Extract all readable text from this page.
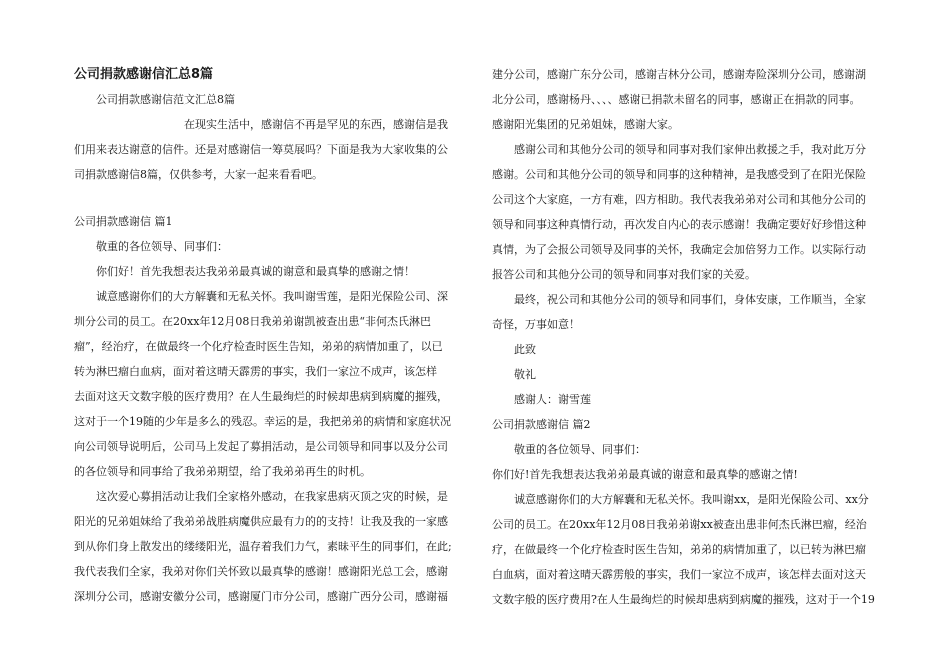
公司捐款感谢信汇总8篇
公司捐款感谢信范文汇总8篇
在现实生活中，感谢信不再是罕见的东西，感谢信是我
们用来表达谢意的信件。还是对感谢信一筹莫展吗？下面是我为大家收集的公
司捐款感谢信8篇，仅供参考，大家一起来看看吧。
公司捐款感谢信 篇1
敬重的各位领导、同事们：
你们好！首先我想表达我弟弟最真诚的谢意和最真挚的感谢之情！
诚意感谢你们的大方解囊和无私关怀。我叫谢雪莲，是阳光保险公司、深
圳分公司的员工。在20xx年12月08日我弟弟谢凯被查出患“非何杰氏淋巴
瘤”，经治疗，在做最终一个化疗检查时医生告知，弟弟的病情加重了，以已
转为淋巴瘤白血病，面对着这晴天霹雳的事实，我们一家泣不成声，该怎样
去面对这天文数字般的医疗费用？在人生最绚烂的时候却患病到病魔的摧残，
这对于一个19随的少年是多么的残忍。幸运的是，我把弟弟的病情和家庭状况
向公司领导说明后，公司马上发起了募捐活动，是公司领导和同事以及分公司
的各位领导和同事给了我弟弟期望，给了我弟弟再生的时机。
这次爱心募捐活动让我们全家格外感动，在我家患病灭顶之灾的时候，是
阳光的兄弟姐妹给了我弟弟战胜病魔供应最有力的的支持！让我及我的一家感
到从你们身上散发出的缕缕阳光，温存着我们力气，素昧平生的同事们，在此;
我代表我们全家，我弟对你们关怀致以最真挚的感谢！感谢阳光总工会，感谢
深圳分公司，感谢安徽分公司，感谢厦门市分公司，感谢广西分公司，感谢福
建分公司，感谢广东分公司，感谢吉林分公司，感谢寿险深圳分公司，感谢湖
北分公司，感谢杨丹、、、、感谢已捐款未留名的同事，感谢正在捐款的同事。
感谢阳光集团的兄弟姐妹，感谢大家。
感谢公司和其他分公司的领导和同事对我们家伸出救援之手，我对此万分
感谢。公司和其他分公司的领导和同事的这种精神，是我感受到了在阳光保险
公司这个大家庭，一方有难，四方相助。我代表我弟弟对公司和其他分公司的
领导和同事这种真情行动，再次发自内心的表示感谢！我确定要好好珍惜这种
真情，为了会报公司领导及同事的关怀，我确定会加倍努力工作。以实际行动
报答公司和其他分公司的领导和同事对我们家的关爱。
最终，祝公司和其他分公司的领导和同事们，身体安康，工作顺当，全家
奇怪，万事如意！
此致
敬礼
感谢人：谢雪莲
公司捐款感谢信 篇2
敬重的各位领导、同事们：
你们好!首先我想表达我弟弟最真诚的谢意和最真挚的感谢之情!
诚意感谢你们的大方解囊和无私关怀。我叫谢xx，是阳光保险公司、xx分
公司的员工。在20xx年12月08日我弟弟谢xx被查出患非何杰氏淋巴瘤，经治
疗，在做最终一个化疗检查时医生告知，弟弟的病情加重了，以已转为淋巴瘤
白血病，面对着这晴天霹雳般的事实，我们一家泣不成声，该怎样去面对这天
文数字般的医疗费用?在人生最绚烂的时候却患病到病魔的摧残，这对于一个19
